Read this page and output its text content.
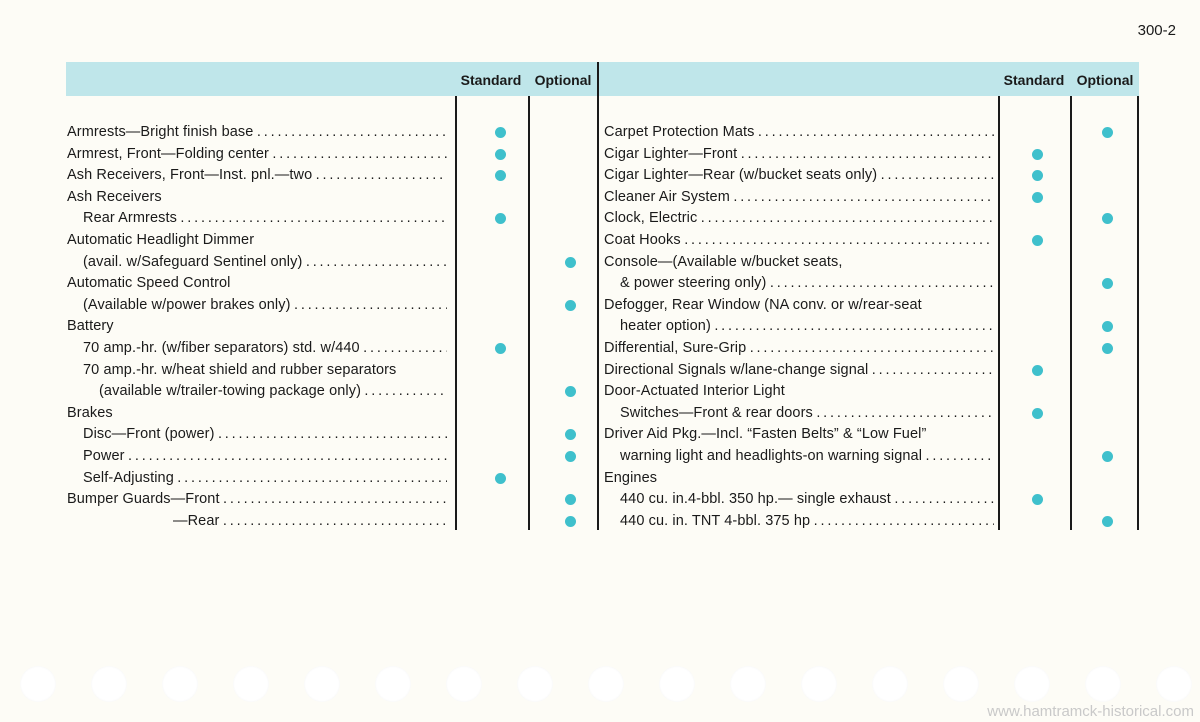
300-2
Standard Optional	Standard Optional
Armrests—Bright finish base . . .
Armrest, Front—Folding center . . .
Ash Receivers, Front—Inst. pnl.—two . . .
Ash Receivers
Rear Armrests . . .
Automatic Headlight Dimmer
(avail. w/Safeguard Sentinel only) . . .
Automatic Speed Control
(Available w/power brakes only) . . .
Battery
70 amp.-hr. (w/fiber separators) std. w/440 . . .
70 amp.-hr. w/heat shield and rubber separators
(available w/trailer-towing package only) . . .
Brakes
Disc—Front (power) . . .
Power . . .
Self-Adjusting . . .
Bumper Guards—Front . . .
—Rear . . .
Carpet Protection Mats . . .
Cigar Lighter—Front . . .
Cigar Lighter—Rear (w/bucket seats only) . . .
Cleaner Air System . . .
Clock, Electric . . .
Coat Hooks . . .
Console—(Available w/bucket seats,
& power steering only) . . .
Defogger, Rear Window (NA conv. or w/rear-seat
heater option) . . .
Differential, Sure-Grip . . .
Directional Signals w/lane-change signal . . .
Door-Actuated Interior Light
Switches—Front & rear doors . . .
Driver Aid Pkg.—Incl. “Fasten Belts” & “Low Fuel”
warning light and headlights-on warning signal . . .
Engines
440 cu. in.4-bbl. 350 hp.— single exhaust . . .
440 cu. in. TNT 4-bbl. 375 hp . . .
www.hamtramck-historical.com
